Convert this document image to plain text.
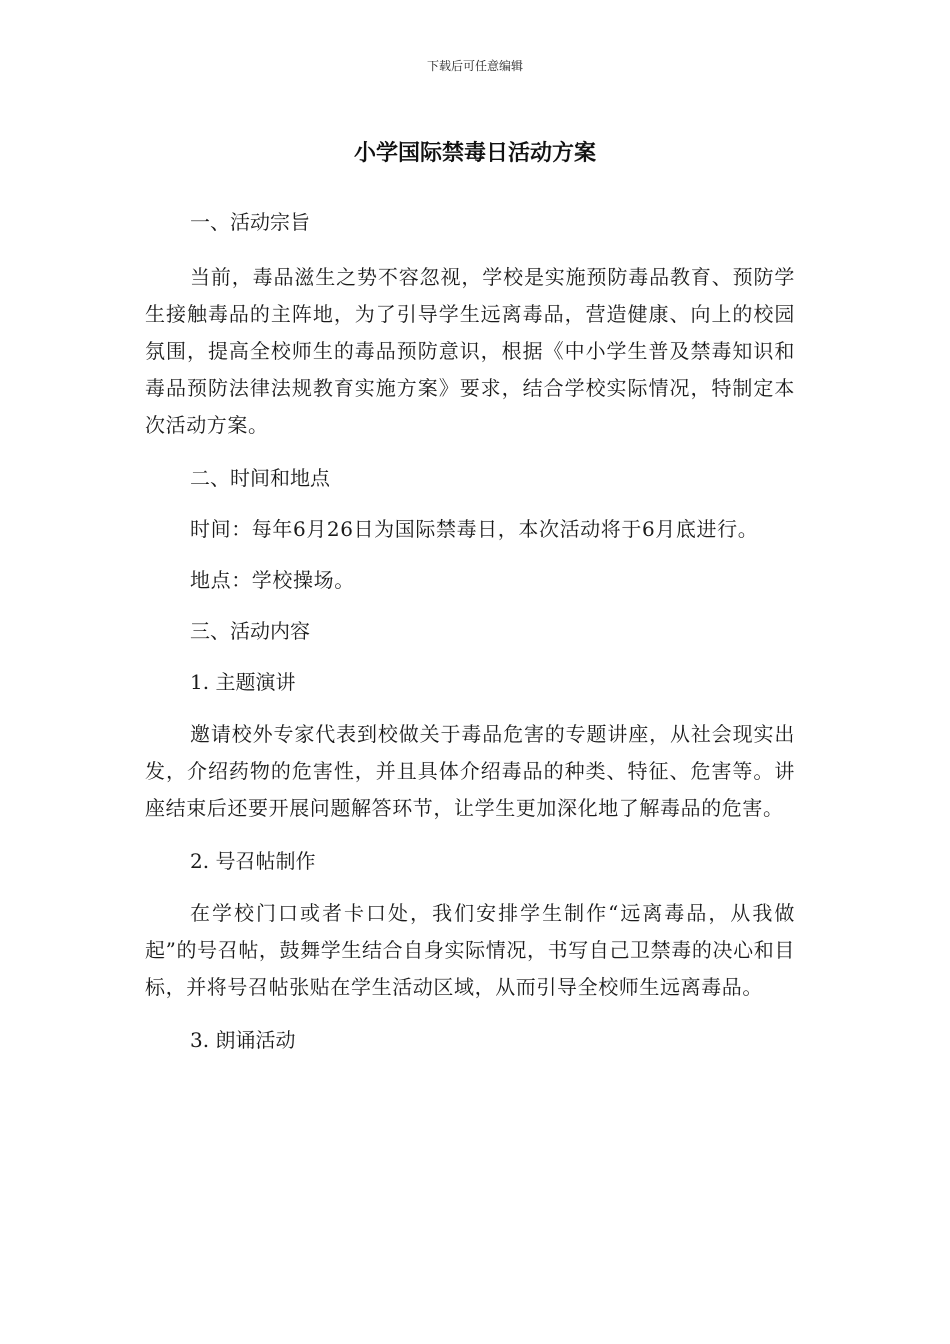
下载后可任意编辑
小学国际禁毒日活动方案

一、活动宗旨

当前，毒品滋生之势不容忽视，学校是实施预防毒品教育、预防学生接触毒品的主阵地，为了引导学生远离毒品，营造健康、向上的校园氛围，提高全校师生的毒品预防意识，根据《中小学生普及禁毒知识和毒品预防法律法规教育实施方案》要求，结合学校实际情况，特制定本次活动方案。

二、时间和地点

时间：每年6月26日为国际禁毒日，本次活动将于6月底进行。

地点：学校操场。

三、活动内容

1. 主题演讲

邀请校外专家代表到校做关于毒品危害的专题讲座，从社会现实出发，介绍药物的危害性，并且具体介绍毒品的种类、特征、危害等。讲座结束后还要开展问题解答环节，让学生更加深化地了解毒品的危害。

2. 号召帖制作

在学校门口或者卡口处，我们安排学生制作“远离毒品，从我做起”的号召帖，鼓舞学生结合自身实际情况，书写自己卫禁毒的决心和目标，并将号召帖张贴在学生活动区域，从而引导全校师生远离毒品。

3. 朗诵活动
